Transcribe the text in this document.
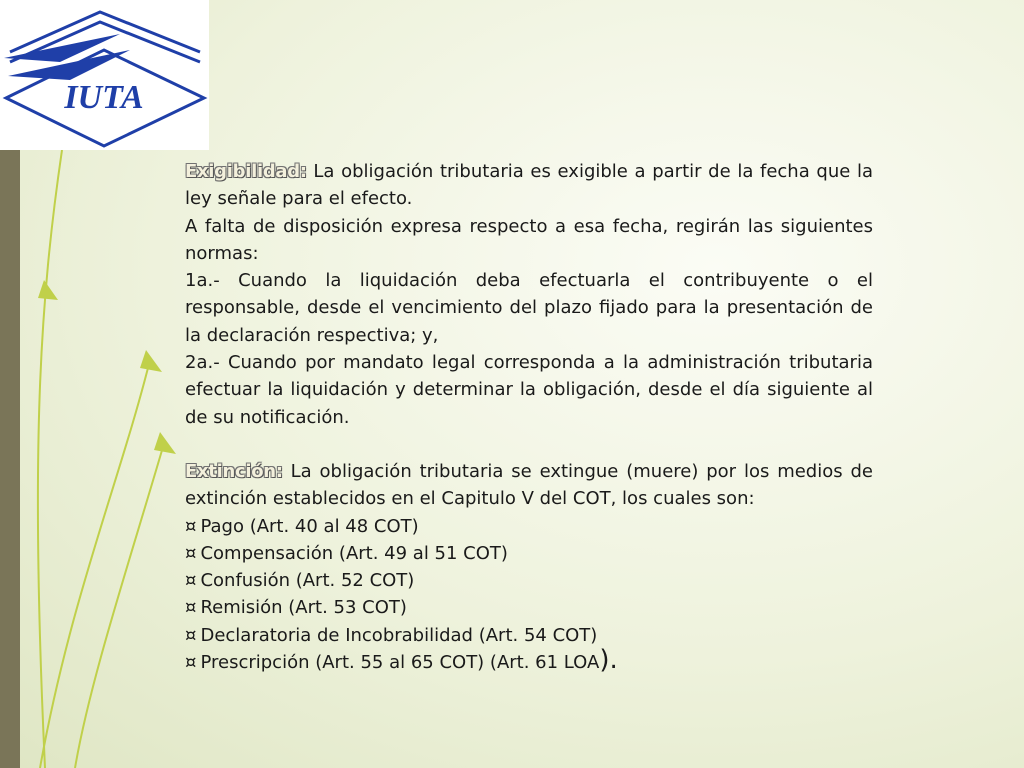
IUTA

Exigibilidad: La obligación tributaria es exigible a partir de la fecha que la ley señale para el efecto.

A falta de disposición expresa respecto a esa fecha, regirán las siguientes normas:

1a.- Cuando la liquidación deba efectuarla el contribuyente o el responsable, desde el vencimiento del plazo fijado para la presentación de la declaración respectiva; y,

2a.- Cuando por mandato legal corresponda a la administración tributaria efectuar la liquidación y determinar la obligación, desde el día siguiente al de su notificación.

Extinción: La obligación tributaria se extingue (muere) por los medios de extinción establecidos en el Capitulo V del COT, los cuales son:

¤ Pago (Art. 40 al 48 COT)
¤ Compensación (Art. 49 al 51 COT)
¤ Confusión (Art. 52 COT)
¤ Remisión (Art. 53 COT)
¤ Declaratoria de Incobrabilidad (Art. 54 COT)
¤ Prescripción (Art. 55 al 65 COT) (Art. 61 LOA).
